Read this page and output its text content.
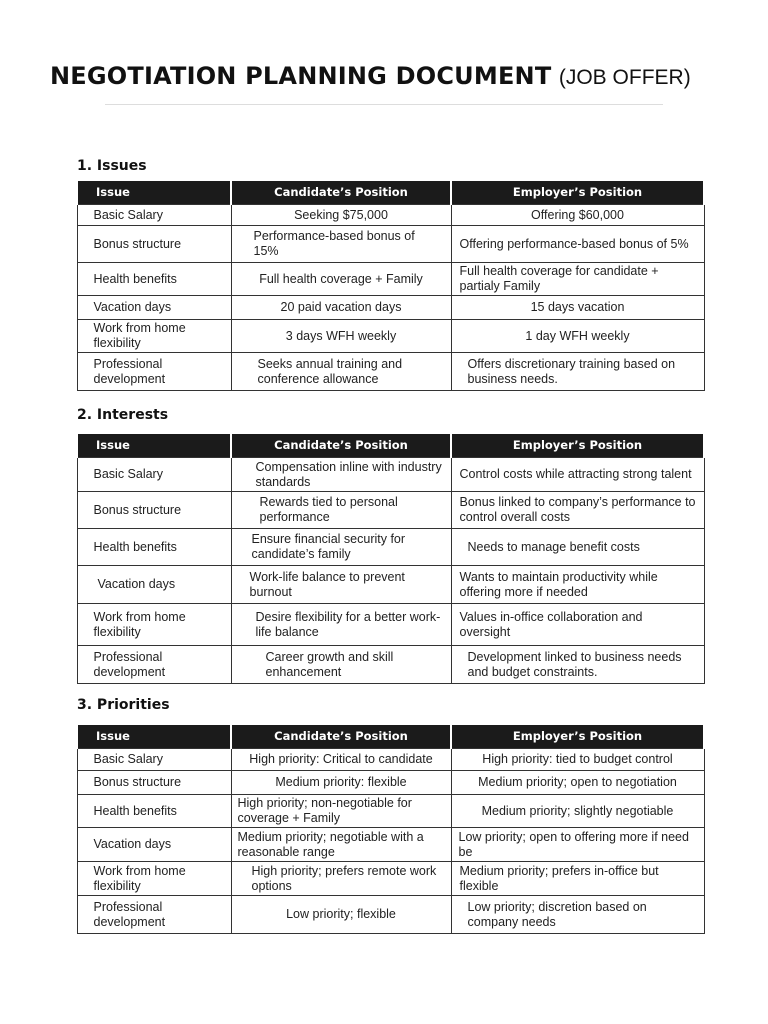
NEGOTIATION PLANNING DOCUMENT (JOB OFFER)
1. Issues
Issue	Candidate’s Position	Employer’s Position
Basic Salary	Seeking $75,000	Offering $60,000
Bonus structure	Performance-based bonus of 15%	Offering performance-based bonus of 5%
Health benefits	Full health coverage + Family	Full health coverage for candidate + partialy Family
Vacation days	20 paid vacation days	15 days vacation
Work from home flexibility	3 days WFH weekly	1 day WFH weekly
Professional development	Seeks annual training and conference allowance	Offers discretionary training based on business needs.
2. Interests
Issue	Candidate’s Position	Employer’s Position
Basic Salary	Compensation inline with industry standards	Control costs while attracting strong talent
Bonus structure	Rewards tied to personal performance	Bonus linked to company’s performance to control overall costs
Health benefits	Ensure financial security for candidate’s family	Needs to manage benefit costs
Vacation days	Work-life balance to prevent burnout	Wants to maintain productivity while offering more if needed
Work from home flexibility	Desire flexibility for a better work-life balance	Values in-office collaboration and oversight
Professional development	Career growth and skill enhancement	Development linked to business needs and budget constraints.
3. Priorities
Issue	Candidate’s Position	Employer’s Position
Basic Salary	High priority: Critical to candidate	High priority: tied to budget control
Bonus structure	Medium priority: flexible	Medium priority; open to negotiation
Health benefits	High priority; non-negotiable for coverage + Family	Medium priority; slightly negotiable
Vacation days	Medium priority; negotiable with a reasonable range	Low priority; open to offering more if need be
Work from home flexibility	High priority; prefers remote work options	Medium priority; prefers in-office but flexible
Professional development	Low priority; flexible	Low priority; discretion based on company needs
